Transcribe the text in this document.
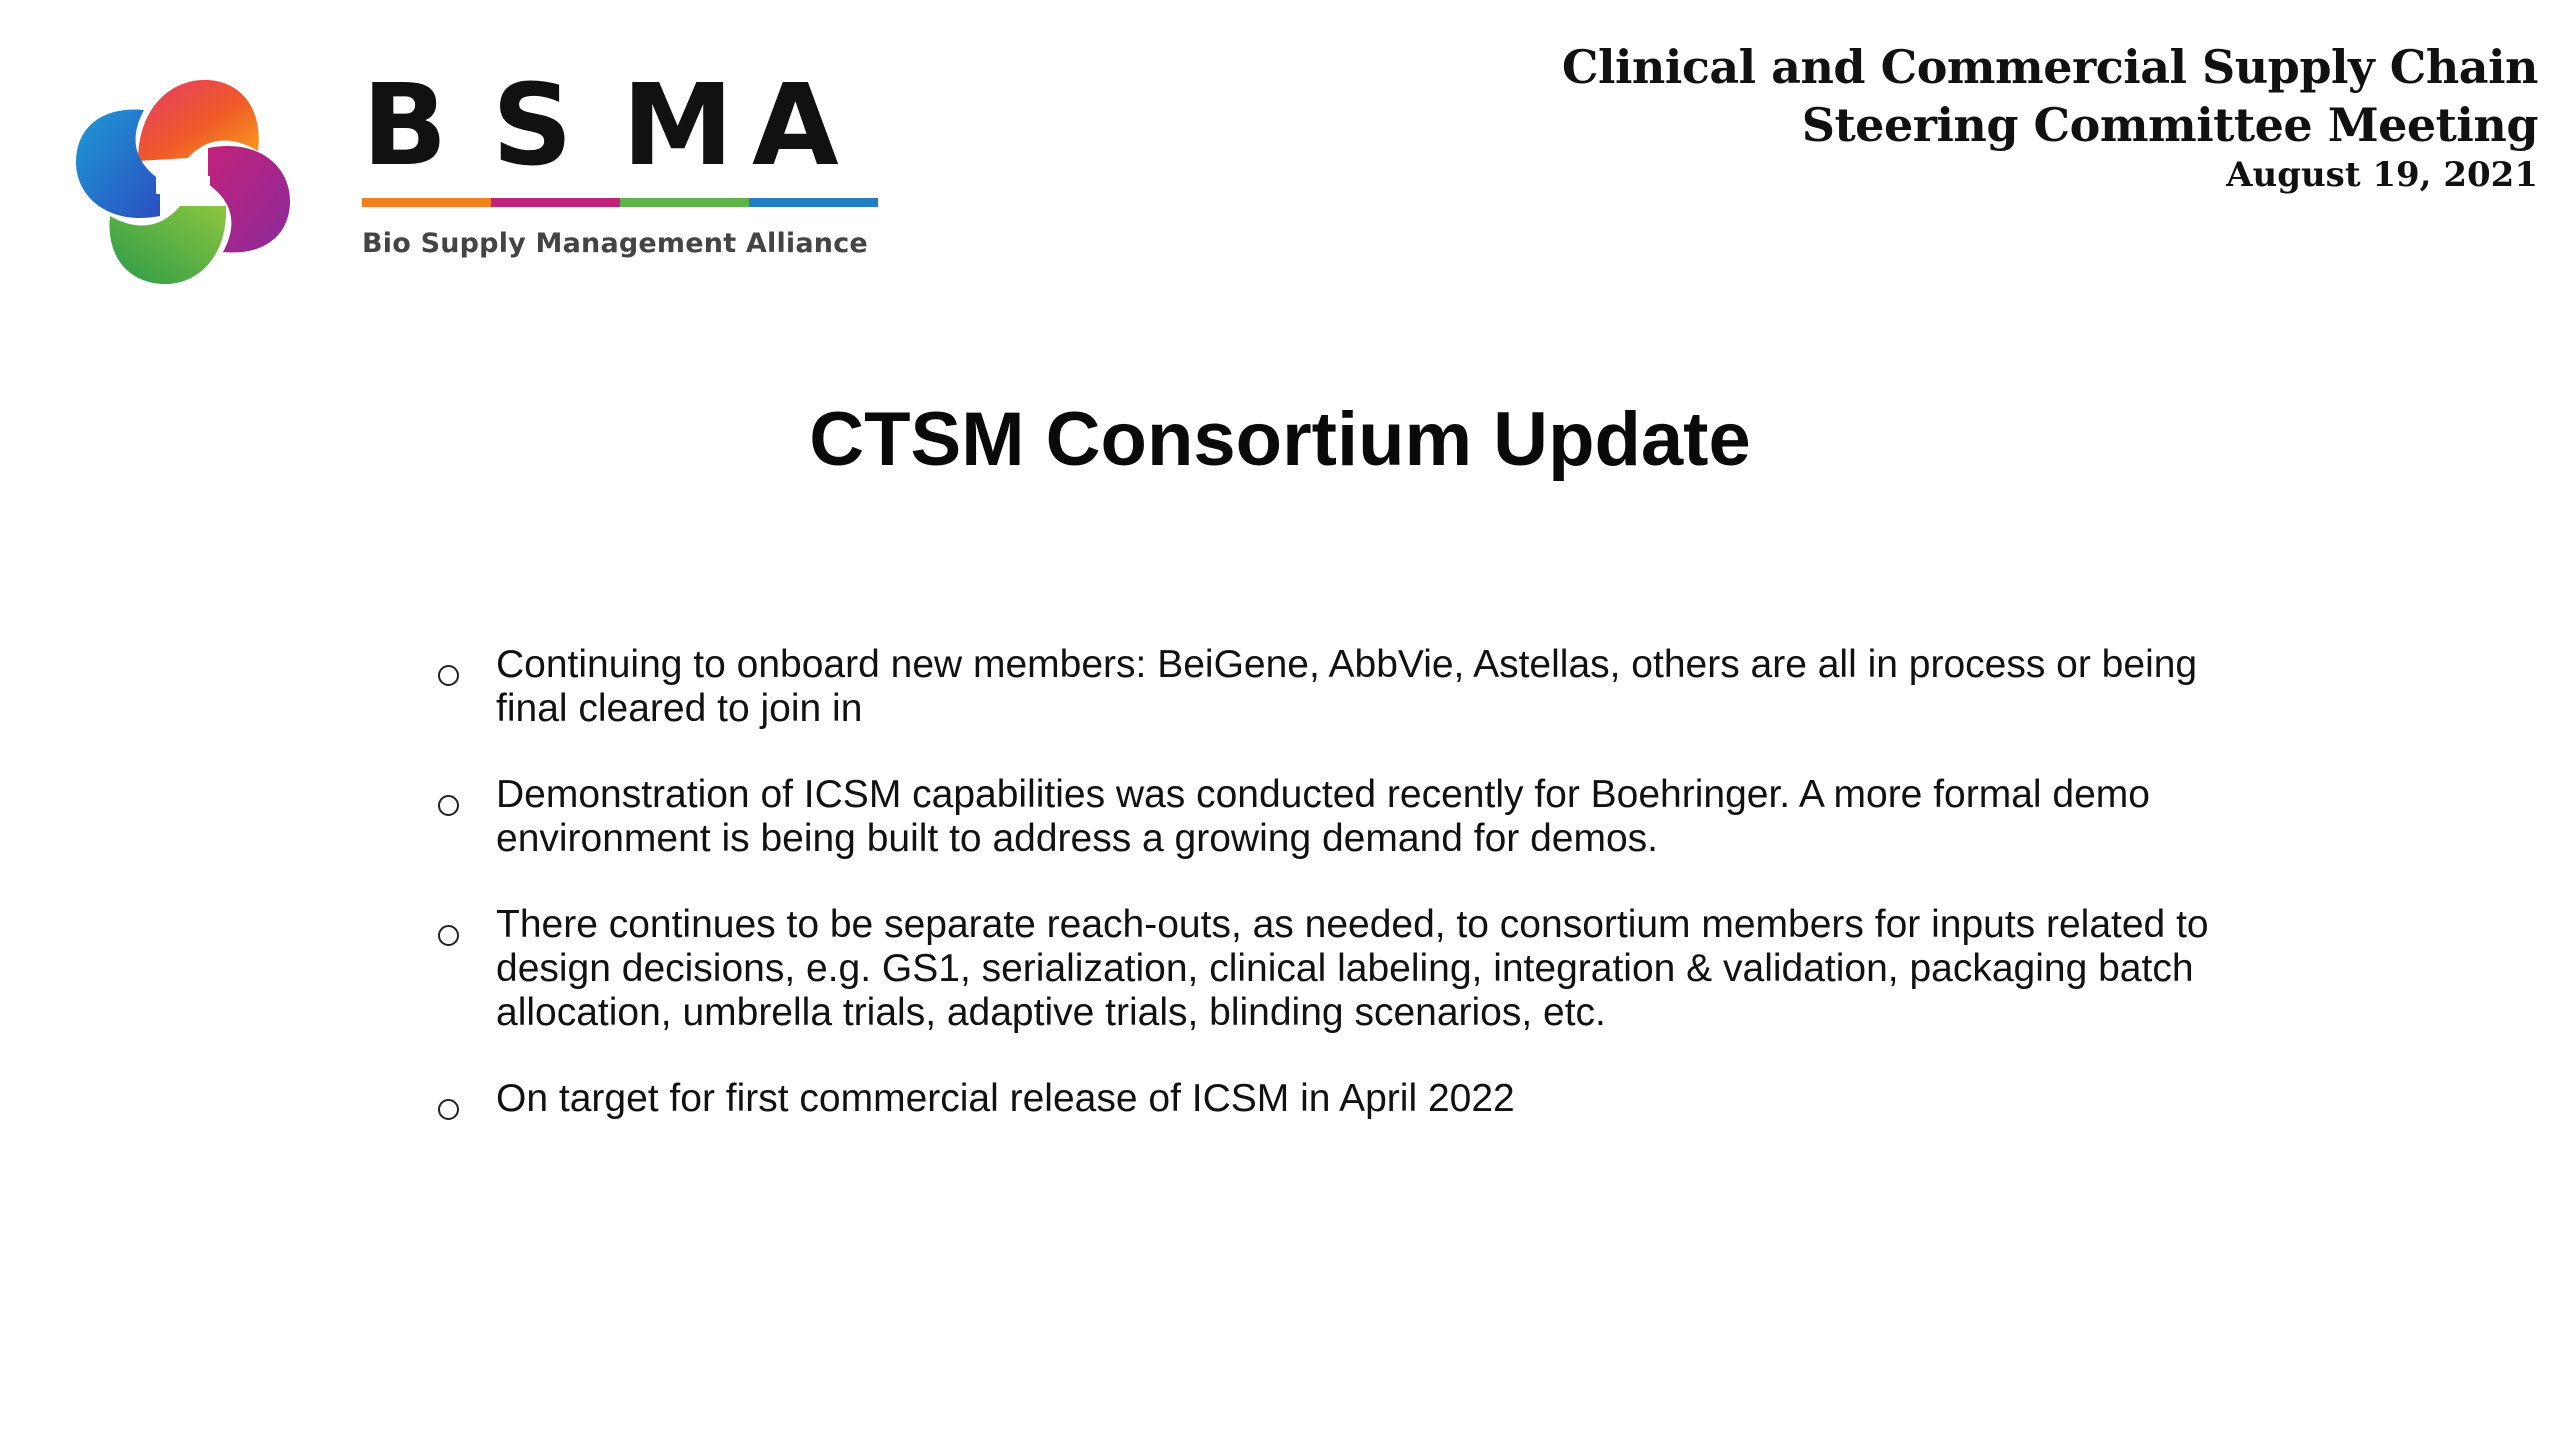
B S M A
Bio Supply Management Alliance
Clinical and Commercial Supply Chain
Steering Committee Meeting
August 19, 2021
CTSM Consortium Update
Continuing to onboard new members: BeiGene, AbbVie, Astellas, others are all in process or being final cleared to join in
Demonstration of ICSM capabilities was conducted recently for Boehringer. A more formal demo environment is being built to address a growing demand for demos.
There continues to be separate reach-outs, as needed, to consortium members for inputs related to design decisions, e.g. GS1, serialization, clinical labeling, integration & validation, packaging batch allocation, umbrella trials, adaptive trials, blinding scenarios, etc.
On target for first commercial release of ICSM in April 2022
